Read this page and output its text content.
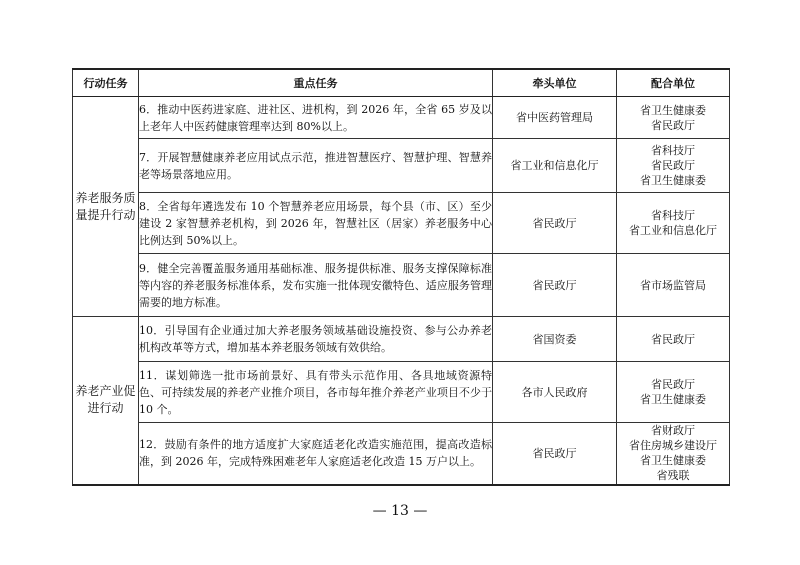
行动任务	重点任务	牵头单位	配合单位
养老服务质量提升行动	6．推动中医药进家庭、进社区、进机构，到 2026 年，全省 65 岁及以上老年人中医药健康管理率达到 80%以上。	省中医药管理局	省卫生健康委
省民政厅

	7．开展智慧健康养老应用试点示范，推进智慧医疗、智慧护理、智慧养老等场景落地应用。	省工业和信息化厅	省科技厅
省民政厅
省卫生健康委

	8．全省每年遴选发布 10 个智慧养老应用场景，每个县（市、区）至少建设 2 家智慧养老机构，到 2026 年，智慧社区（居家）养老服务中心比例达到 50%以上。	省民政厅	省科技厅
省工业和信息化厅

	9．健全完善覆盖服务通用基础标准、服务提供标准、服务支撑保障标准等内容的养老服务标准体系，发布实施一批体现安徽特色、适应服务管理需要的地方标准。	省民政厅	省市场监管局

养老产业促进行动	10．引导国有企业通过加大养老服务领域基础设施投资、参与公办养老机构改革等方式，增加基本养老服务领域有效供给。	省国资委	省民政厅

	11．谋划筛选一批市场前景好、具有带头示范作用、各具地域资源特色、可持续发展的养老产业推介项目，各市每年推介养老产业项目不少于 10 个。	各市人民政府	省民政厅
省卫生健康委

	12．鼓励有条件的地方适度扩大家庭适老化改造实施范围，提高改造标准，到 2026 年，完成特殊困难老年人家庭适老化改造 15 万户以上。	省民政厅	省财政厅
省住房城乡建设厅
省卫生健康委
省残联
— 13 —
